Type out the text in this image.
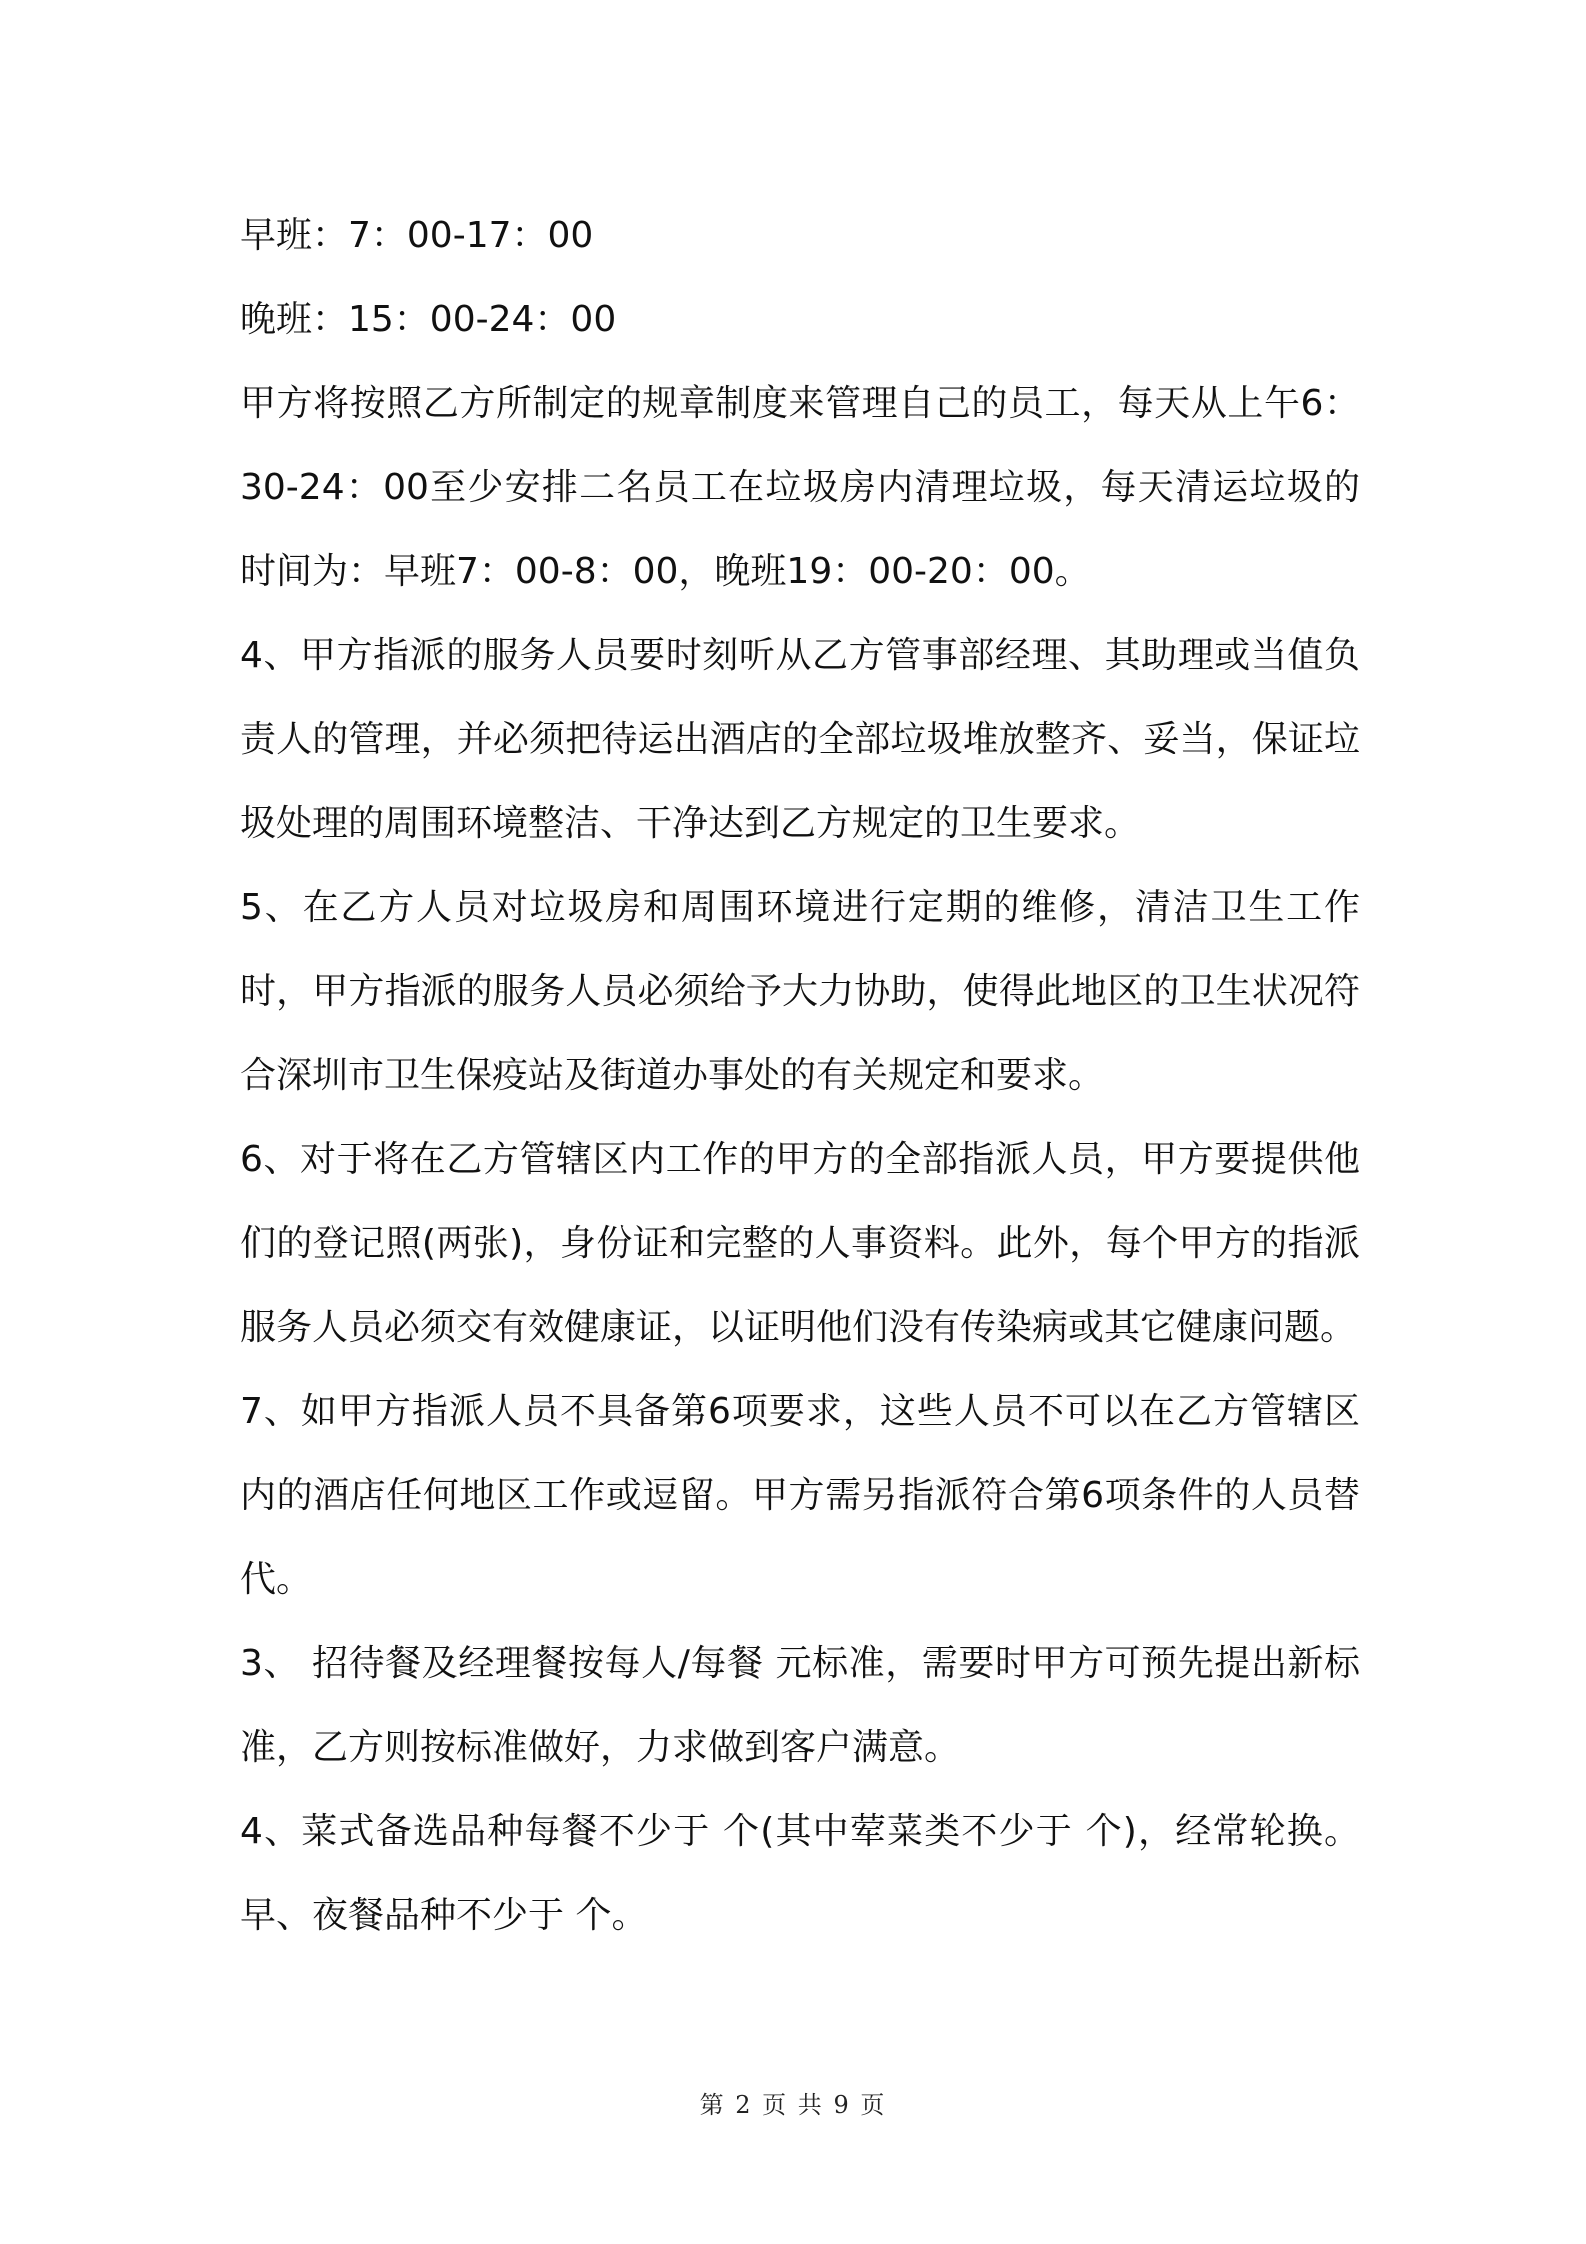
早班：7：00-17：00

晚班：15：00-24：00

甲方将按照乙方所制定的规章制度来管理自己的员工，每天从上午6：30-24：00至少安排二名员工在垃圾房内清理垃圾，每天清运垃圾的时间为：早班7：00-8：00，晚班19：00-20：00。

4、甲方指派的服务人员要时刻听从乙方管事部经理、其助理或当值负责人的管理，并必须把待运出酒店的全部垃圾堆放整齐、妥当，保证垃圾处理的周围环境整洁、干净达到乙方规定的卫生要求。

5、在乙方人员对垃圾房和周围环境进行定期的维修，清洁卫生工作时，甲方指派的服务人员必须给予大力协助，使得此地区的卫生状况符合深圳市卫生保疫站及街道办事处的有关规定和要求。

6、对于将在乙方管辖区内工作的甲方的全部指派人员，甲方要提供他们的登记照(两张)，身份证和完整的人事资料。此外，每个甲方的指派服务人员必须交有效健康证，以证明他们没有传染病或其它健康问题。

7、如甲方指派人员不具备第6项要求，这些人员不可以在乙方管辖区内的酒店任何地区工作或逗留。甲方需另指派符合第6项条件的人员替代。

3、 招待餐及经理餐按每人/每餐 元标准，需要时甲方可预先提出新标准，乙方则按标准做好，力求做到客户满意。

4、菜式备选品种每餐不少于 个(其中荤菜类不少于 个)，经常轮换。早、夜餐品种不少于 个。

第 2 页 共 9 页
